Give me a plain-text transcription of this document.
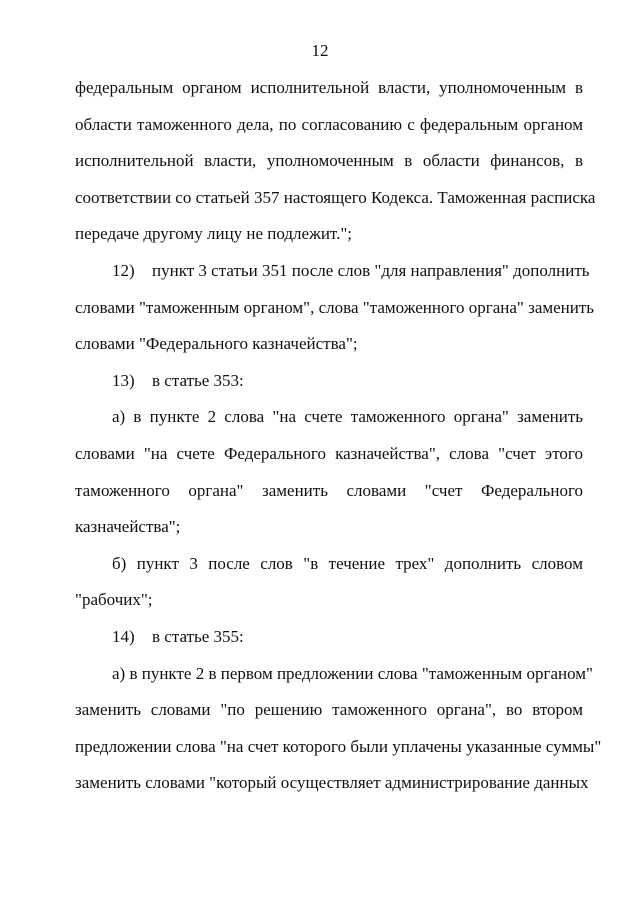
12
федеральным органом исполнительной власти, уполномоченным в
области таможенного дела, по согласованию с федеральным органом
исполнительной власти, уполномоченным в области финансов, в
соответствии со статьей 357 настоящего Кодекса. Таможенная расписка
передаче другому лицу не подлежит.";
12) пункт 3 статьи 351 после слов "для направления" дополнить
словами "таможенным органом", слова "таможенного органа" заменить
словами "Федерального казначейства";
13) в статье 353:
а) в пункте 2 слова "на счете таможенного органа" заменить
словами "на счете Федерального казначейства", слова "счет этого
таможенного органа" заменить словами "счет Федерального
казначейства";
б) пункт 3 после слов "в течение трех" дополнить словом
"рабочих";
14) в статье 355:
а) в пункте 2 в первом предложении слова "таможенным органом"
заменить словами "по решению таможенного органа", во втором
предложении слова "на счет которого были уплачены указанные суммы"
заменить словами "который осуществляет администрирование данных
